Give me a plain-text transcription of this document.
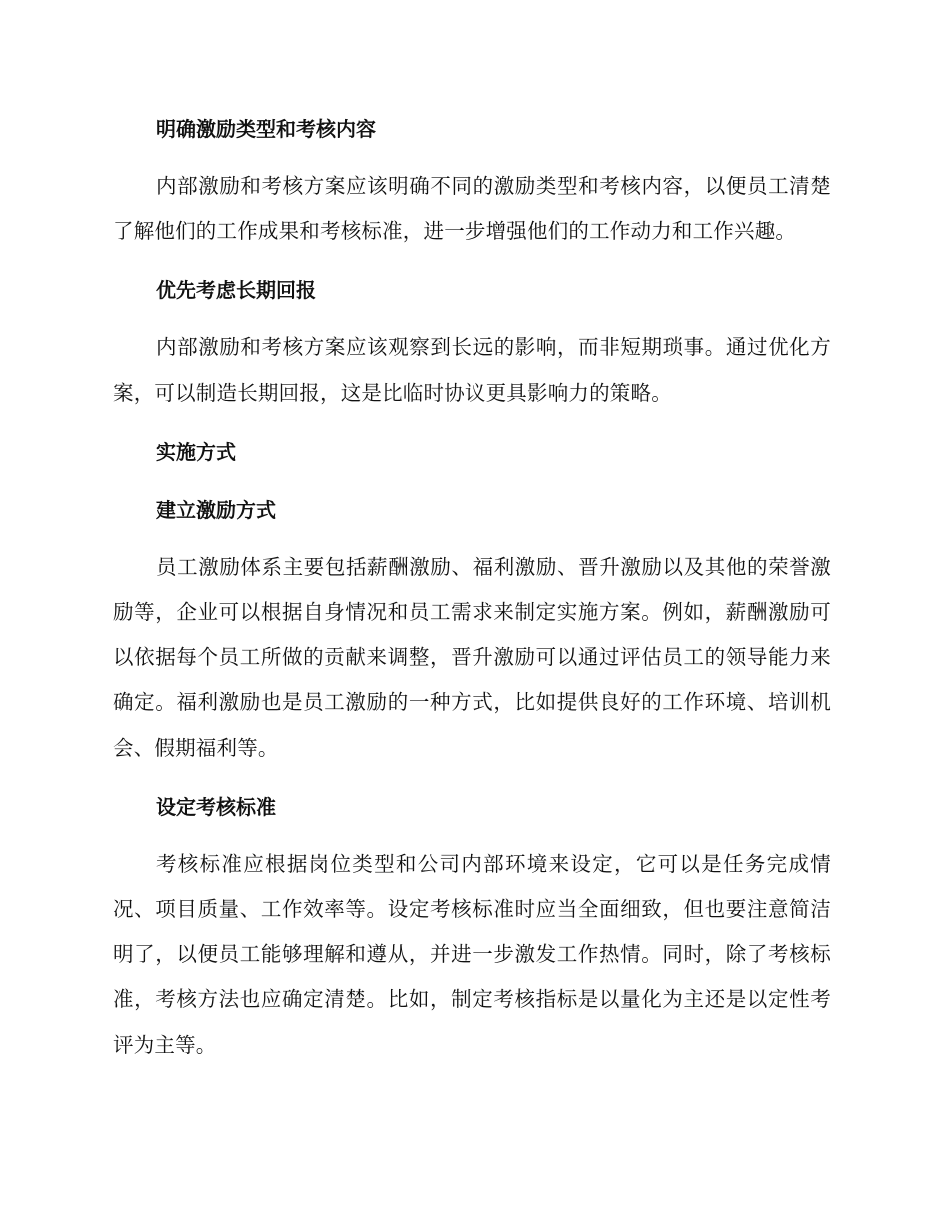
明确激励类型和考核内容

内部激励和考核方案应该明确不同的激励类型和考核内容，以便员工清楚了解他们的工作成果和考核标准，进一步增强他们的工作动力和工作兴趣。

优先考虑长期回报

内部激励和考核方案应该观察到长远的影响，而非短期琐事。通过优化方案，可以制造长期回报，这是比临时协议更具影响力的策略。

实施方式
建立激励方式

员工激励体系主要包括薪酬激励、福利激励、晋升激励以及其他的荣誉激励等，企业可以根据自身情况和员工需求来制定实施方案。例如，薪酬激励可以依据每个员工所做的贡献来调整，晋升激励可以通过评估员工的领导能力来确定。福利激励也是员工激励的一种方式，比如提供良好的工作环境、培训机会、假期福利等。

设定考核标准

考核标准应根据岗位类型和公司内部环境来设定，它可以是任务完成情况、项目质量、工作效率等。设定考核标准时应当全面细致，但也要注意简洁明了，以便员工能够理解和遵从，并进一步激发工作热情。同时，除了考核标准，考核方法也应确定清楚。比如，制定考核指标是以量化为主还是以定性考评为主等。
